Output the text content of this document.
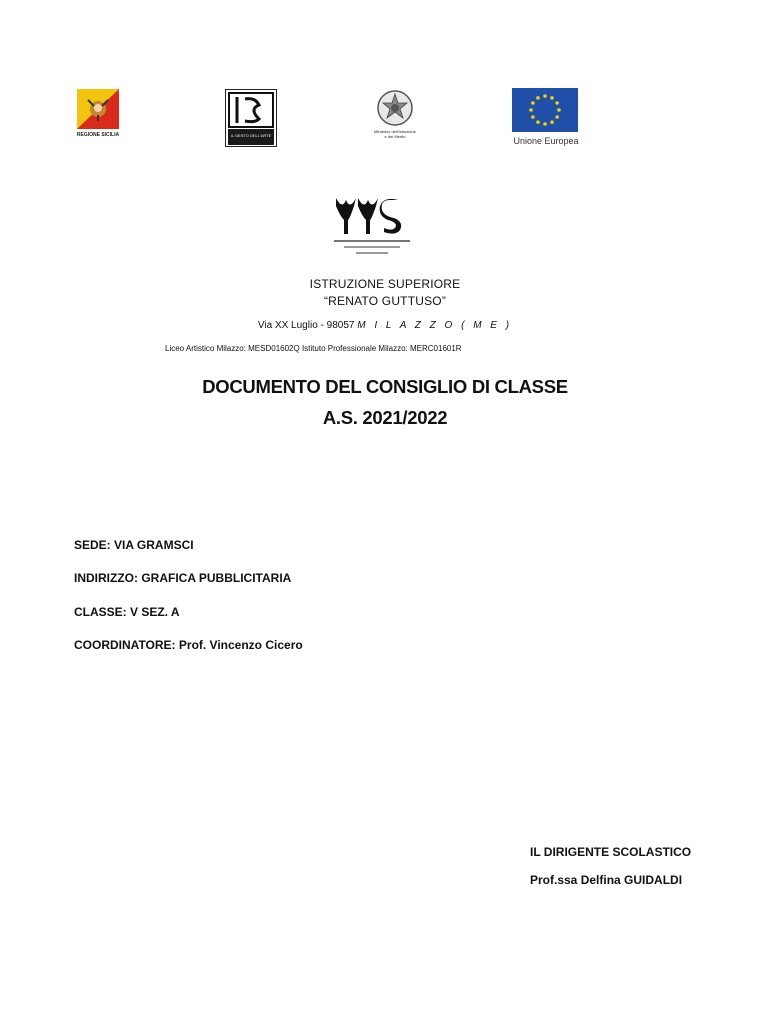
REGIONE SICILIA	IL GESTO DELL'ARTE
Ministero dell'Istruzione
e del Merito	Unione Europea
ISTRUZIONE SUPERIORE
“RENATO GUTTUSO”
Via XX Luglio - 98057 M I L A Z Z O ( M E )
Liceo Artistico Milazzo: MESD01602Q Istituto Professionale Milazzo: MERC01601R
DOCUMENTO DEL CONSIGLIO DI CLASSE
A.S. 2021/2022
SEDE: VIA GRAMSCI
INDIRIZZO: GRAFICA PUBBLICITARIA
CLASSE: V SEZ. A
COORDINATORE: Prof. Vincenzo Cicero
IL DIRIGENTE SCOLASTICO
Prof.ssa Delfina GUIDALDI
